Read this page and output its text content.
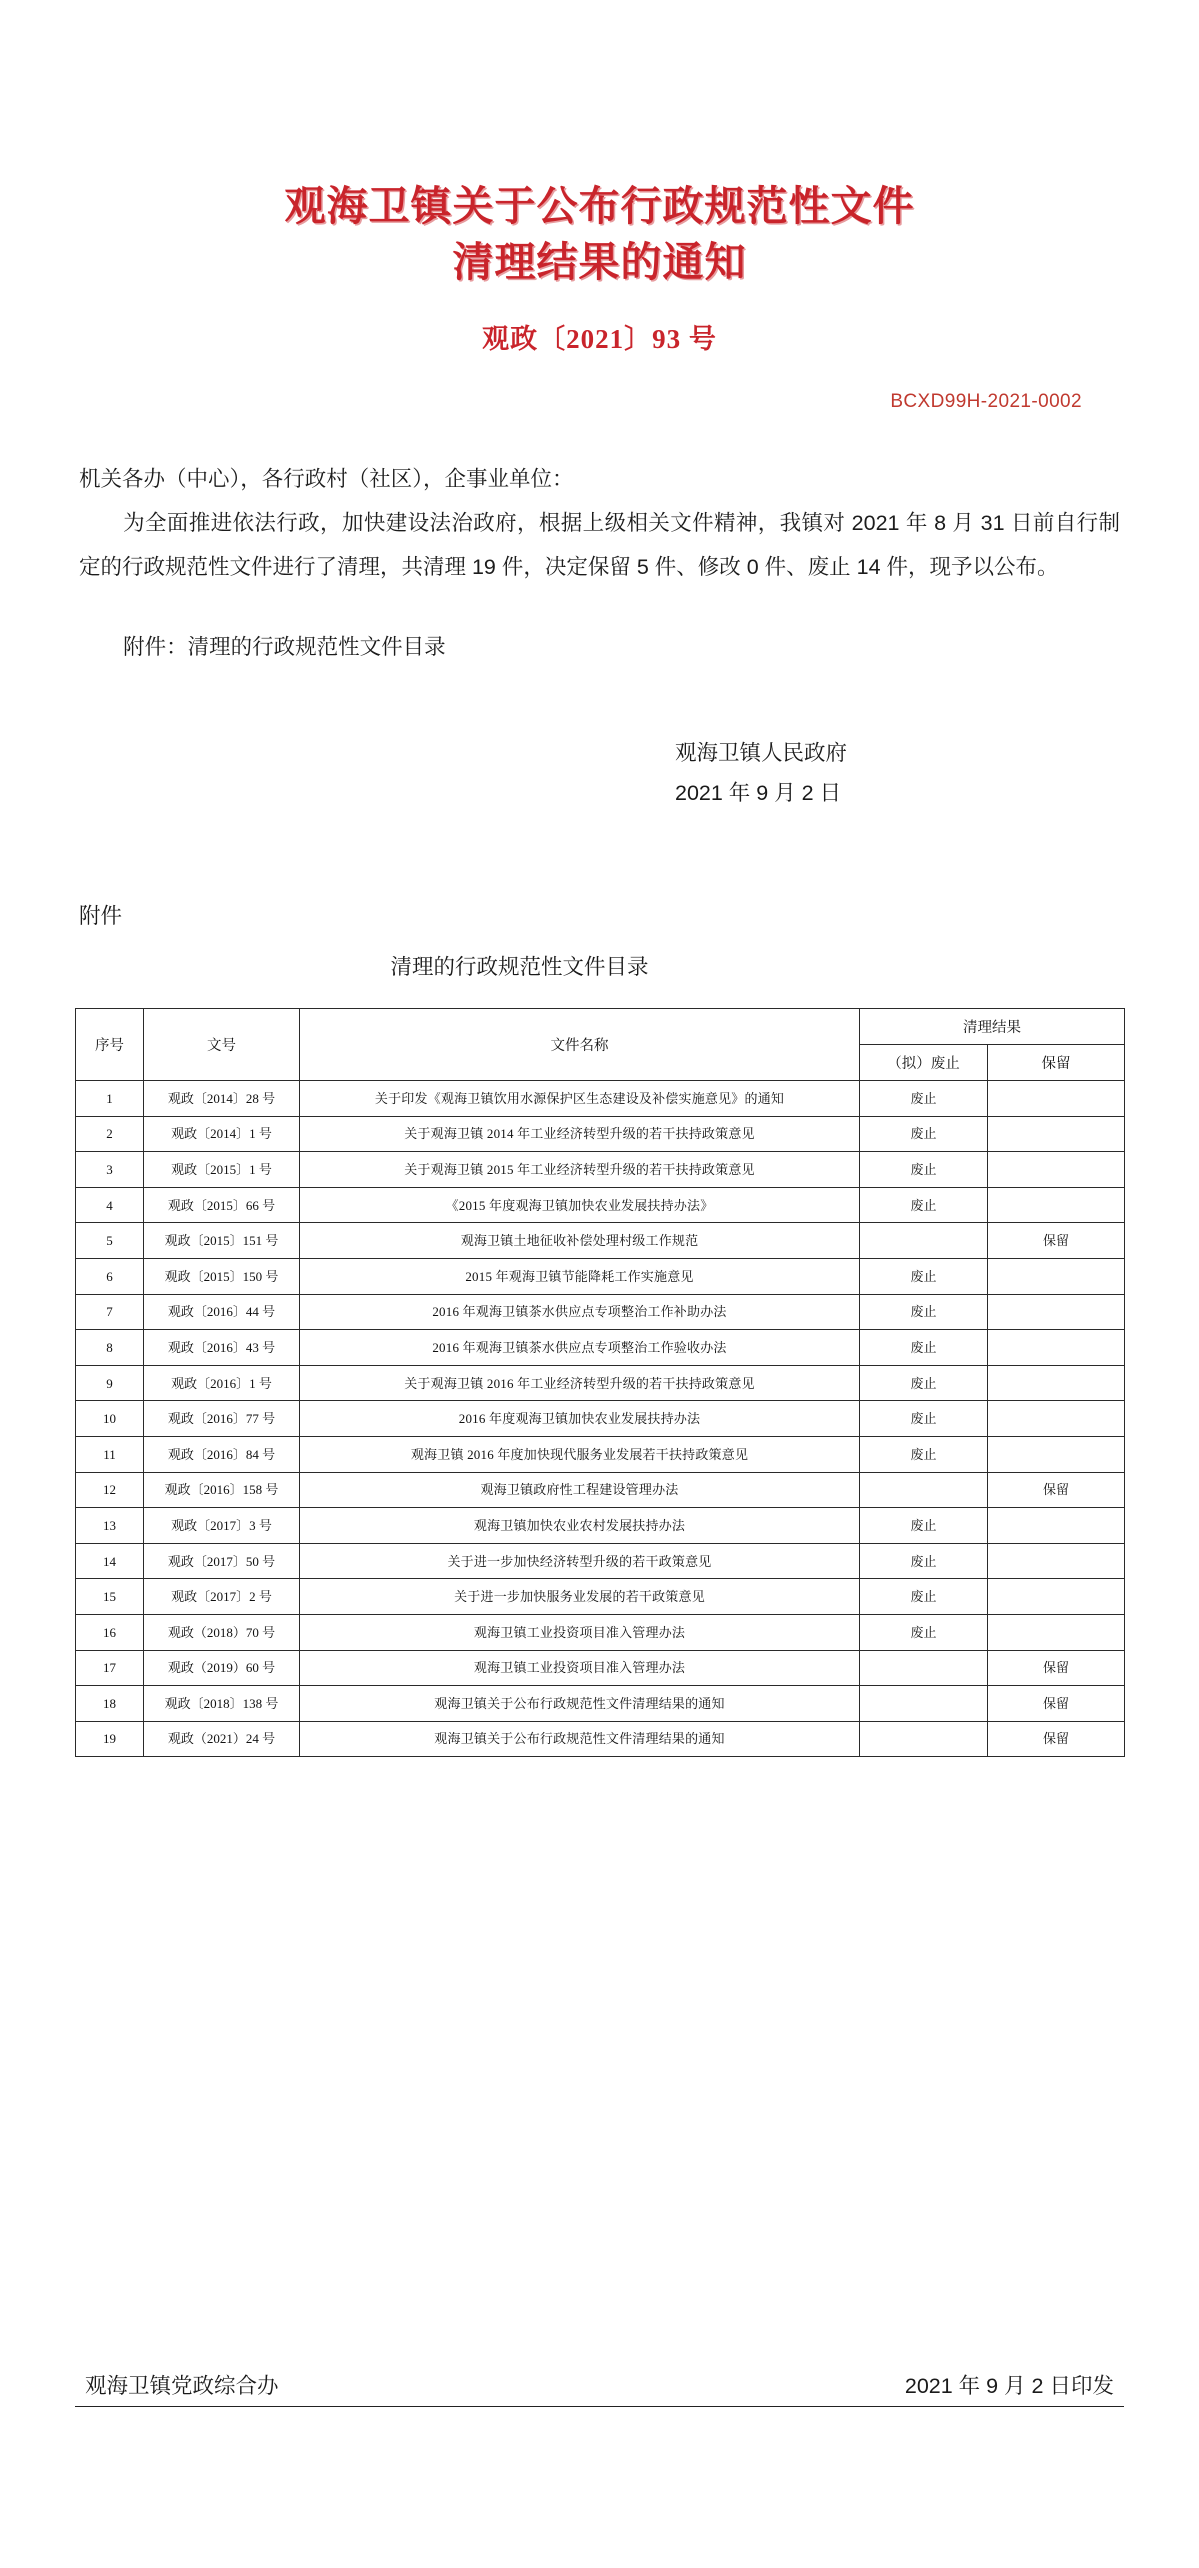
观海卫镇关于公布行政规范性文件
清理结果的通知
观政〔2021〕93 号
BCXD99H-2021-0002
机关各办（中心），各行政村（社区），企事业单位：
为全面推进依法行政，加快建设法治政府，根据上级相关文件精神，我镇对 2021 年 8 月 31 日前自行制定的行政规范性文件进行了清理，共清理 19 件，决定保留 5 件、修改 0 件、废止 14 件，现予以公布。
附件：清理的行政规范性文件目录
观海卫镇人民政府
2021 年 9 月 2 日
附件
清理的行政规范性文件目录
序号	文号	文件名称	清理结果	
			（拟）废止	保留
1	观政〔2014〕28 号	关于印发《观海卫镇饮用水源保护区生态建设及补偿实施意见》的通知	废止	
2	观政〔2014〕1 号	关于观海卫镇 2014 年工业经济转型升级的若干扶持政策意见	废止	
3	观政〔2015〕1 号	关于观海卫镇 2015 年工业经济转型升级的若干扶持政策意见	废止	
4	观政〔2015〕66 号	《2015 年度观海卫镇加快农业发展扶持办法》	废止	
5	观政〔2015〕151 号	观海卫镇土地征收补偿处理村级工作规范		保留
6	观政〔2015〕150 号	2015 年观海卫镇节能降耗工作实施意见	废止	
7	观政〔2016〕44 号	2016 年观海卫镇茶水供应点专项整治工作补助办法	废止	
8	观政〔2016〕43 号	2016 年观海卫镇茶水供应点专项整治工作验收办法	废止	
9	观政〔2016〕1 号	关于观海卫镇 2016 年工业经济转型升级的若干扶持政策意见	废止	
10	观政〔2016〕77 号	2016 年度观海卫镇加快农业发展扶持办法	废止	
11	观政〔2016〕84 号	观海卫镇 2016 年度加快现代服务业发展若干扶持政策意见	废止	
12	观政〔2016〕158 号	观海卫镇政府性工程建设管理办法		保留
13	观政〔2017〕3 号	观海卫镇加快农业农村发展扶持办法	废止	
14	观政〔2017〕50 号	关于进一步加快经济转型升级的若干政策意见	废止	
15	观政〔2017〕2 号	关于进一步加快服务业发展的若干政策意见	废止	
16	观政（2018）70 号	观海卫镇工业投资项目准入管理办法	废止	
17	观政（2019）60 号	观海卫镇工业投资项目准入管理办法		保留
18	观政〔2018〕138 号	观海卫镇关于公布行政规范性文件清理结果的通知		保留
19	观政（2021）24 号	观海卫镇关于公布行政规范性文件清理结果的通知		保留
观海卫镇党政综合办	2021 年 9 月 2 日印发
